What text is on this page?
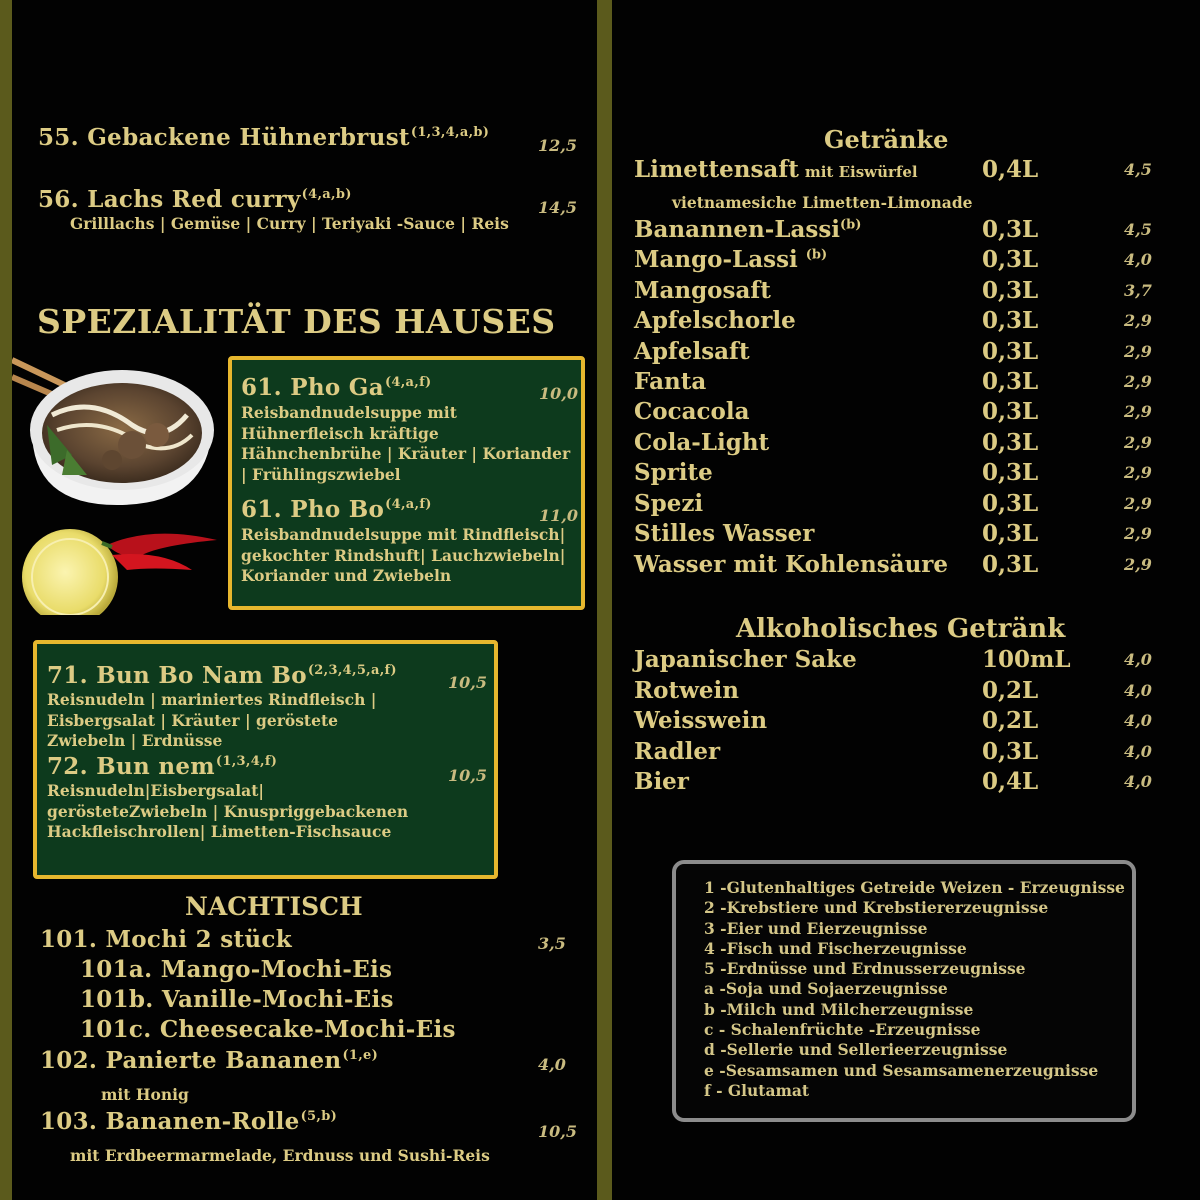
55. Gebackene Hühnerbrust$^{(1,3,4,a,b)}$
12,5
56. Lachs Red curry$^{(4,a,b)}$
14,5
Grilllachs | Gemüse | Curry | Teriyaki -Sauce | Reis
SPEZIALITÄT DES HAUSES
61. Pho Ga$^{(4,a,f)}$
10,0
Reisbandnudelsuppe mit Hühnerfleisch kräftige Hähnchenbrühe | Kräuter | Koriander | Frühlingszwiebel
61. Pho Bo$^{(4,a,f)}$
11,0
Reisbandnudelsuppe mit Rindfleisch| gekochter Rindshuft| Lauchzwiebeln| Koriander und Zwiebeln
71. Bun Bo Nam Bo$^{(2,3,4,5,a,f)}$
10,5
Reisnudeln | mariniertes Rindfleisch | Eisbergsalat | Kräuter | geröstete Zwiebeln | Erdnüsse
72. Bun nem$^{(1,3,4,f)}$
10,5
Reisnudeln|Eisbergsalat| gerösteteZwiebeln | Knuspriggebackenen Hackfleischrollen| Limetten-Fischsauce
NACHTISCH
101. Mochi 2 stück	3,5
101a. Mango-Mochi-Eis
101b. Vanille-Mochi-Eis
101c. Cheesecake-Mochi-Eis
102. Panierte Bananen$^{(1,e)}$	4,0
mit Honig
103. Bananen-Rolle$^{(5,b)}$
10,5
mit Erdbeermarmelade, Erdnuss und Sushi-Reis
Getränke
Limettensaft mit Eiswürfel	0,4L	4,5
Banannen-Lassi$^{(b)}$	0,3L	4,5
Mango-Lassi $^{(b)}$	0,3L	4,0
Mangosaft	0,3L	3,7
Apfelschorle	0,3L	2,9
Apfelsaft	0,3L	2,9
Fanta	0,3L	2,9
Cocacola	0,3L	2,9
Cola-Light	0,3L	2,9
Sprite	0,3L	2,9
Spezi	0,3L	2,9
Stilles Wasser	0,3L	2,9
Wasser mit Kohlensäure 0,3L	2,9
Japanischer Sake	100mL	4,0
Rotwein	0,2L	4,0
Weisswein	0,2L	4,0
Radler	0,3L	4,0
Bier	0,4L	4,0
vietnamesiche Limetten-Limonade
Alkoholisches Getränk
1 -Glutenhaltiges Getreide Weizen - Erzeugnisse
2 -Krebstiere und Krebstiererzeugnisse
3 -Eier und Eierzeugnisse
4 -Fisch und Fischerzeugnisse
5 -Erdnüsse und Erdnusserzeugnisse
a -Soja und Sojaerzeugnisse
b -Milch und Milcherzeugnisse
c - Schalenfrüchte -Erzeugnisse
d -Sellerie und Sellerieerzeugnisse
e -Sesamsamen und Sesamsamenerzeugnisse
f - Glutamat
